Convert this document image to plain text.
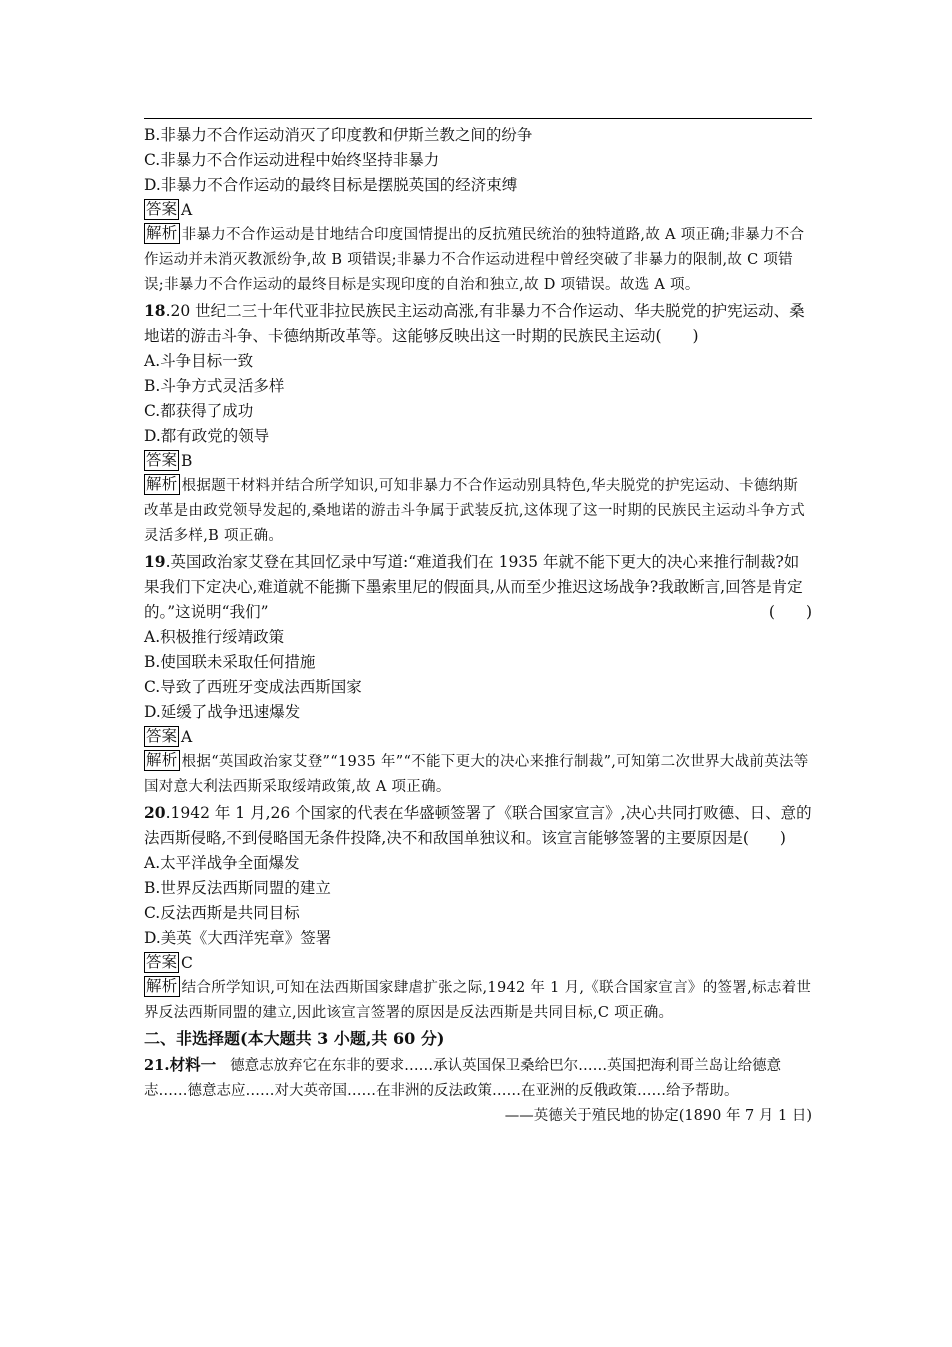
B.非暴力不合作运动消灭了印度教和伊斯兰教之间的纷争
C.非暴力不合作运动进程中始终坚持非暴力
D.非暴力不合作运动的最终目标是摆脱英国的经济束缚
答案 A
解析 非暴力不合作运动是甘地结合印度国情提出的反抗殖民统治的独特道路,故 A 项正确;非暴力不合作运动并未消灭教派纷争,故 B 项错误;非暴力不合作运动进程中曾经突破了非暴力的限制,故 C 项错误;非暴力不合作运动的最终目标是实现印度的自治和独立,故 D 项错误。故选 A 项。
18.20 世纪二三十年代亚非拉民族民主运动高涨,有非暴力不合作运动、华夫脱党的护宪运动、桑地诺的游击斗争、卡德纳斯改革等。这能够反映出这一时期的民族民主运动(　　)
A.斗争目标一致
B.斗争方式灵活多样
C.都获得了成功
D.都有政党的领导
答案 B
解析 根据题干材料并结合所学知识,可知非暴力不合作运动别具特色,华夫脱党的护宪运动、卡德纳斯改革是由政党领导发起的,桑地诺的游击斗争属于武装反抗,这体现了这一时期的民族民主运动斗争方式灵活多样,B 项正确。
19.英国政治家艾登在其回忆录中写道:“难道我们在 1935 年就不能下更大的决心来推行制裁?如果我们下定决心,难道就不能撕下墨索里尼的假面具,从而至少推迟这场战争?我敢断言,回答是肯定的。”这说明“我们”	(　　)
A.积极推行绥靖政策
B.使国联未采取任何措施
C.导致了西班牙变成法西斯国家
D.延缓了战争迅速爆发
答案 A
解析 根据“英国政治家艾登”“1935 年”“不能下更大的决心来推行制裁”,可知第二次世界大战前英法等国对意大利法西斯采取绥靖政策,故 A 项正确。
20.1942 年 1 月,26 个国家的代表在华盛顿签署了《联合国家宣言》,决心共同打败德、日、意的法西斯侵略,不到侵略国无条件投降,决不和敌国单独议和。该宣言能够签署的主要原因是(　　)
A.太平洋战争全面爆发
B.世界反法西斯同盟的建立
C.反法西斯是共同目标
D.美英《大西洋宪章》签署
答案 C
解析 结合所学知识,可知在法西斯国家肆虐扩张之际,1942 年 1 月,《联合国家宣言》的签署,标志着世界反法西斯同盟的建立,因此该宣言签署的原因是反法西斯是共同目标,C 项正确。
二、非选择题(本大题共 3 小题,共 60 分)
21.材料一 德意志放弃它在东非的要求……承认英国保卫桑给巴尔……英国把海利哥兰岛让给德意志……德意志应……对大英帝国……在非洲的反法政策……在亚洲的反俄政策……给予帮助。
——英德关于殖民地的协定(1890 年 7 月 1 日)
